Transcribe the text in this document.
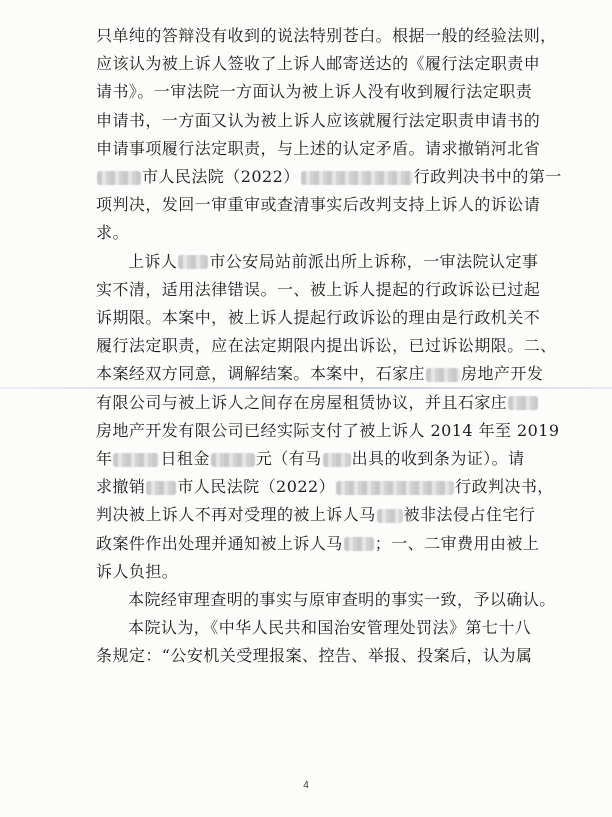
只单纯的答辩没有收到的说法特别苍白。根据一般的经验法则，
应该认为被上诉人签收了上诉人邮寄送达的《履行法定职责申
请书》。一审法院一方面认为被上诉人没有收到履行法定职责
申请书，一方面又认为被上诉人应该就履行法定职责申请书的
申请事项履行法定职责，与上述的认定矛盾。请求撤销河北省
市人民法院（2022）	行政判决书中的第一
项判决，发回一审重审或查清事实后改判支持上诉人的诉讼请
求。

上诉人 市公安局站前派出所上诉称，一审法院认定事
实不清，适用法律错误。一、被上诉人提起的行政诉讼已过起
诉期限。本案中，被上诉人提起行政诉讼的理由是行政机关不
履行法定职责，应在法定期限内提出诉讼，已过诉讼期限。二、
本案经双方同意，调解结案。本案中，石家庄 房地产开发
有限公司与被上诉人之间存在房屋租赁协议，并且石家庄
房地产开发有限公司已经实际支付了被上诉人 2014 年至 2019
年	日租金	元（有马 出具的收到条为证）。请
求撤销 市人民法院（2022）	行政判决书，
判决被上诉人不再对受理的被上诉人马 被非法侵占住宅行
政案件作出处理并通知被上诉人马 ；一、二审费用由被上
诉人负担。

本院经审理查明的事实与原审查明的事实一致，予以确认。

本院认为，《中华人民共和国治安管理处罚法》第七十八
条规定：“公安机关受理报案、控告、举报、投案后，认为属

4
